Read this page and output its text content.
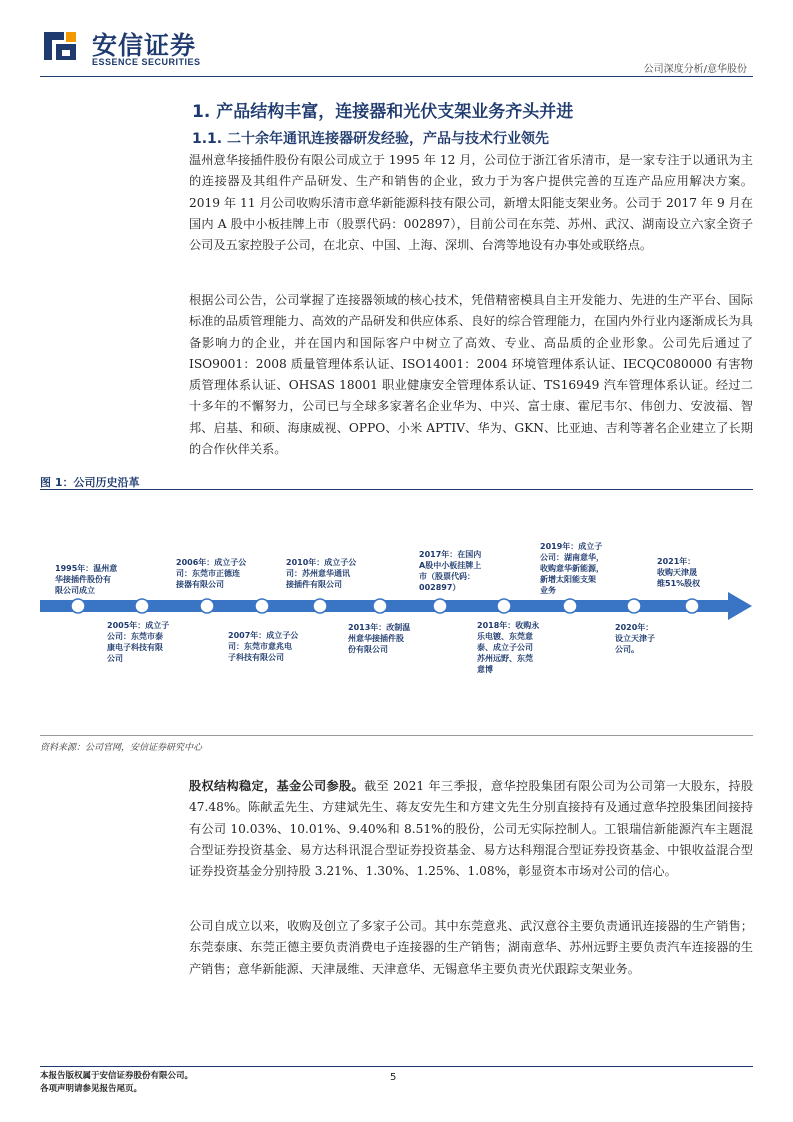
安信证券
ESSENCE SECURITIES
公司深度分析/意华股份
1. 产品结构丰富，连接器和光伏支架业务齐头并进
1.1. 二十余年通讯连接器研发经验，产品与技术行业领先
温州意华接插件股份有限公司成立于 1995 年 12 月，公司位于浙江省乐清市，是一家专注于以通讯为主的连接器及其组件产品研发、生产和销售的企业，致力于为客户提供完善的互连产品应用解决方案。2019 年 11 月公司收购乐清市意华新能源科技有限公司，新增太阳能支架业务。公司于 2017 年 9 月在国内 A 股中小板挂牌上市（股票代码：002897），目前公司在东莞、苏州、武汉、湖南设立六家全资子公司及五家控股子公司，在北京、中国、上海、深圳、台湾等地设有办事处或联络点。
根据公司公告，公司掌握了连接器领域的核心技术，凭借精密模具自主开发能力、先进的生产平台、国际标准的品质管理能力、高效的产品研发和供应体系、良好的综合管理能力，在国内外行业内逐渐成长为具备影响力的企业，并在国内和国际客户中树立了高效、专业、高品质的企业形象。公司先后通过了 ISO9001：2008 质量管理体系认证、ISO14001：2004 环境管理体系认证、IECQC080000 有害物质管理体系认证、OHSAS 18001 职业健康安全管理体系认证、TS16949 汽车管理体系认证。经过二十多年的不懈努力，公司已与全球多家著名企业华为、中兴、富士康、霍尼韦尔、伟创力、安波福、智邦、启基、和硕、海康威视、OPPO、小米 APTIV、华为、GKN、比亚迪、吉利等著名企业建立了长期的合作伙伴关系。
图 1：公司历史沿革
1995年：温州意
华接插件股份有
限公司成立
2006年：成立子公
司：东莞市正德连
接器有限公司
2010年：成立子公
司：苏州意华通讯
接插件有限公司
2017年：在国内
A股中小板挂牌上
市（股票代码：
002897）
2019年：成立子
公司：湖南意华，
收购意华新能源，
新增太阳能支架
业务
2021年：
收购天津晟
维51%股权
2005年：成立子
公司：东莞市泰
康电子科技有限
公司
2007年：成立子公
司：东莞市意兆电
子科技有限公司
2013年：改制温
州意华接插件股
份有限公司
2018年：收购永
乐电镀、东莞意
泰、成立子公司
苏州远野、东莞
意博
2020年：
设立天津子
公司。
资料来源：公司官网，安信证券研究中心
股权结构稳定，基金公司参股。截至 2021 年三季报，意华控股集团有限公司为公司第一大股东，持股 47.48%。陈献孟先生、方建斌先生、蒋友安先生和方建文先生分别直接持有及通过意华控股集团间接持有公司 10.03%、10.01%、9.40%和 8.51%的股份，公司无实际控制人。工银瑞信新能源汽车主题混合型证券投资基金、易方达科讯混合型证券投资基金、易方达科翔混合型证券投资基金、中银收益混合型证券投资基金分别持股 3.21%、1.30%、1.25%、1.08%，彰显资本市场对公司的信心。
公司自成立以来，收购及创立了多家子公司。其中东莞意兆、武汉意谷主要负责通讯连接器的生产销售；东莞泰康、东莞正德主要负责消费电子连接器的生产销售；湖南意华、苏州远野主要负责汽车连接器的生产销售；意华新能源、天津晟维、天津意华、无锡意华主要负责光伏跟踪支架业务。
本报告版权属于安信证券股份有限公司。
各项声明请参见报告尾页。
5
